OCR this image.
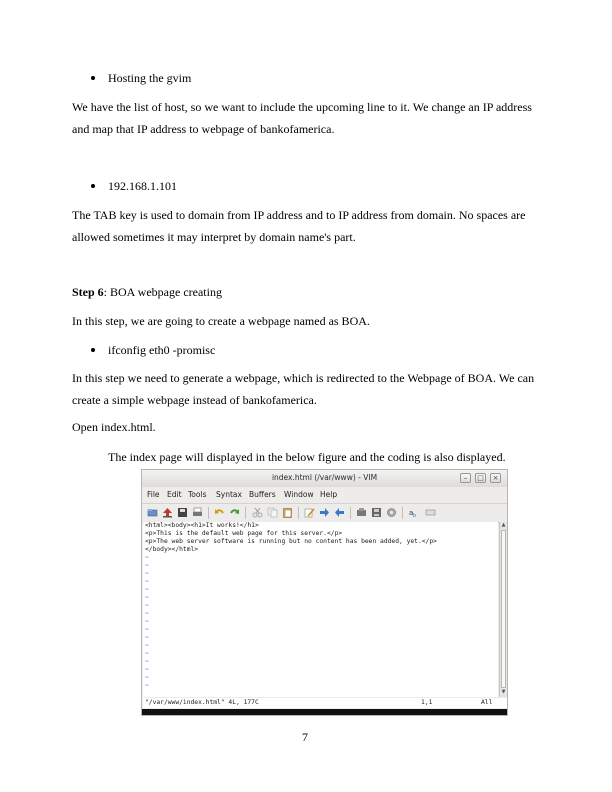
Hosting the gvim
We have the list of host, so we want to include the upcoming line to it. We change an IP address and map that IP address to webpage of bankofamerica.
192.168.1.101
The TAB key is used to domain from IP address and to IP address from domain. No spaces are allowed sometimes it may interpret by domain name's part.
Step 6: BOA webpage creating
In this step, we are going to create a webpage named as BOA.
ifconfig eth0 -promisc
In this step we need to generate a webpage, which is redirected to the Webpage of BOA. We can create a simple webpage instead of bankofamerica.
Open index.html.
The index page will displayed in the below figure and the coding is also displayed.
index.html (/var/www) - VIM	–	□	×
File Edit Tools Syntax Buffers Window Help
a b
<html><body><h1>It works!</h1>
<p>This is the default web page for this server.</p>
<p>The web server software is running but no content has been added, yet.</p>
</body></html>
~
~
~
~
~
~
~
~
~
~
~
~
~
~
~
~
~
▲
▼
"/var/www/index.html" 4L, 177C	1,1	All
7
